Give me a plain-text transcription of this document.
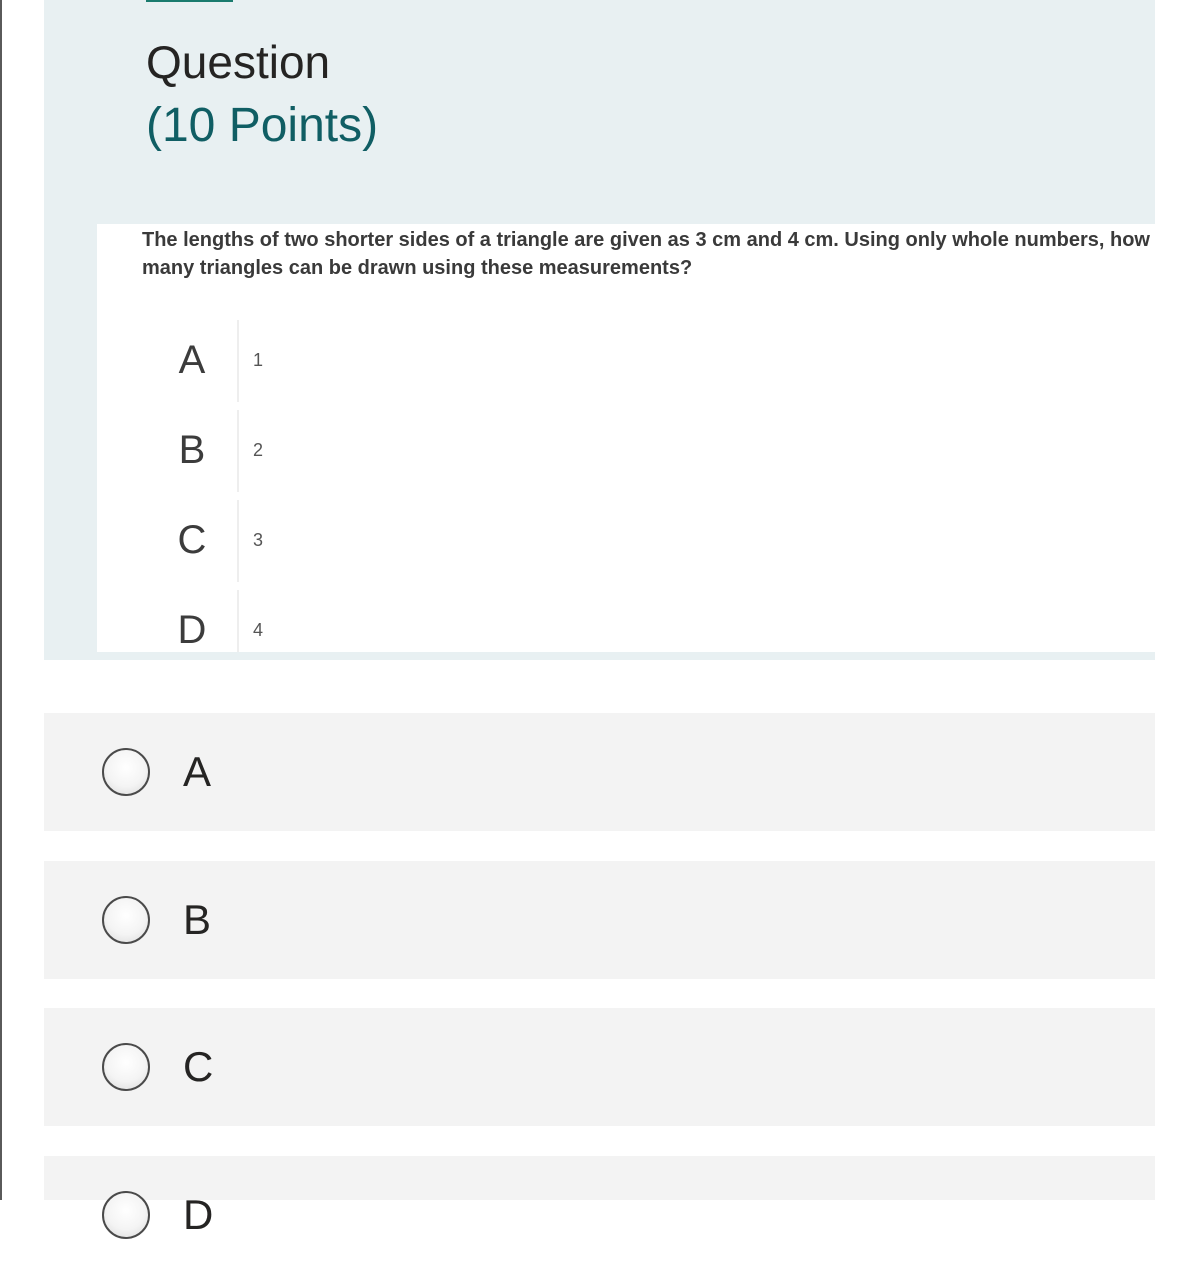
Question
(10 Points)
The lengths of two shorter sides of a triangle are given as 3 cm and 4 cm. Using only whole numbers, how many triangles can be drawn using these measurements?
A	1
B	2
C	3
D	4
A
B
C
D
